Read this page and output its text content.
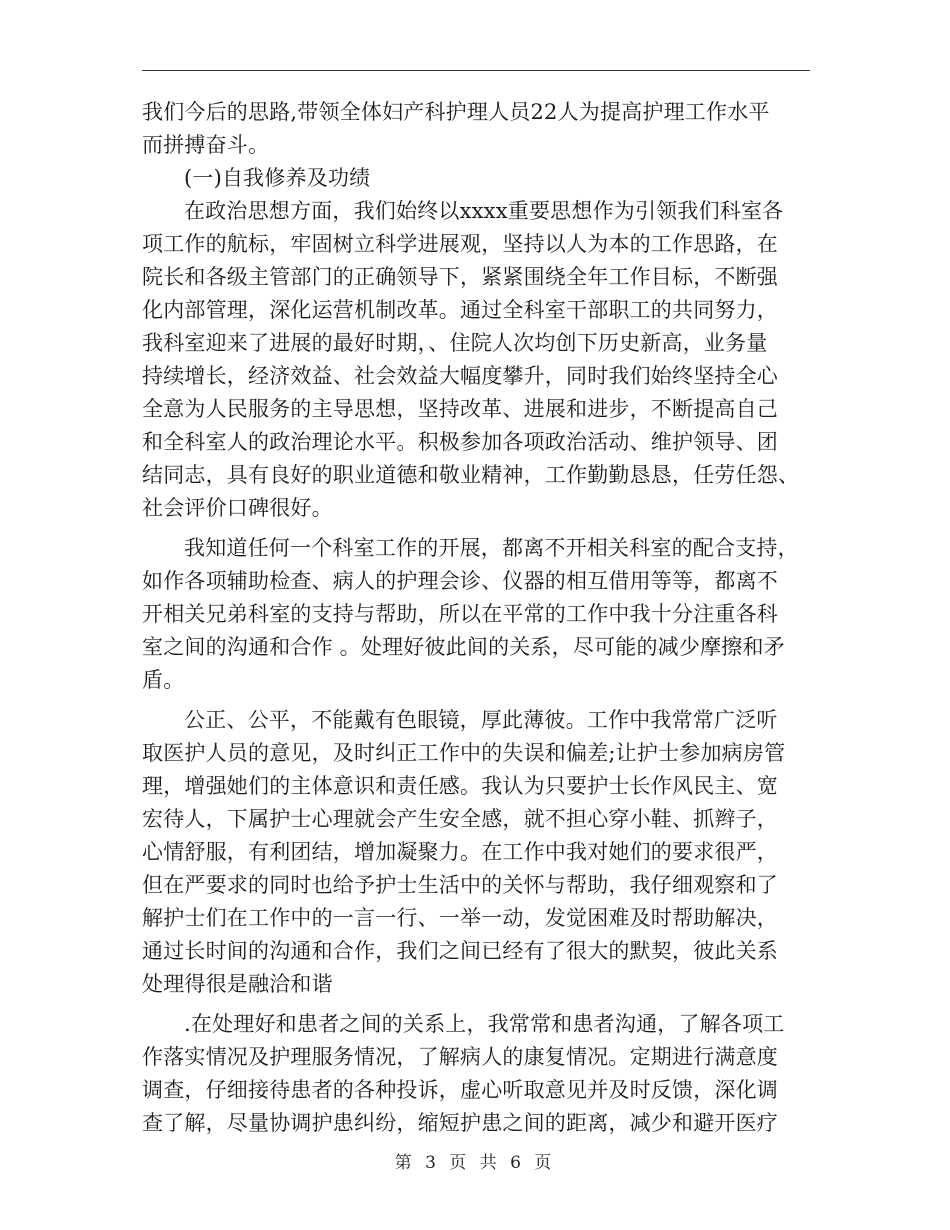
我们今后的思路,带领全体妇产科护理人员22人为提高护理工作水平
而拼搏奋斗。
(一)自我修养及功绩
在政治思想方面，我们始终以xxxx重要思想作为引领我们科室各
项工作的航标，牢固树立科学进展观，坚持以人为本的工作思路，在
院长和各级主管部门的正确领导下，紧紧围绕全年工作目标，不断强
化内部管理，深化运营机制改革。通过全科室干部职工的共同努力，
我科室迎来了进展的最好时期，、住院人次均创下历史新高，业务量
持续增长，经济效益、社会效益大幅度攀升，同时我们始终坚持全心
全意为人民服务的主导思想，坚持改革、进展和进步，不断提高自己
和全科室人的政治理论水平。积极参加各项政治活动、维护领导、团
结同志，具有良好的职业道德和敬业精神，工作勤勤恳恳，任劳任怨、
社会评价口碑很好。
我知道任何一个科室工作的开展，都离不开相关科室的配合支持，
如作各项辅助检查、病人的护理会诊、仪器的相互借用等等，都离不
开相关兄弟科室的支持与帮助，所以在平常的工作中我十分注重各科
室之间的沟通和合作 。处理好彼此间的关系，尽可能的减少摩擦和矛
盾。
公正、公平，不能戴有色眼镜，厚此薄彼。工作中我常常广泛听
取医护人员的意见，及时纠正工作中的失误和偏差;让护士参加病房管
理，增强她们的主体意识和责任感。我认为只要护士长作风民主、宽
宏待人，下属护士心理就会产生安全感，就不担心穿小鞋、抓辫子，
心情舒服，有利团结，增加凝聚力。在工作中我对她们的要求很严，
但在严要求的同时也给予护士生活中的关怀与帮助，我仔细观察和了
解护士们在工作中的一言一行、一举一动，发觉困难及时帮助解决，
通过长时间的沟通和合作，我们之间已经有了很大的默契，彼此关系
处理得很是融洽和谐
.在处理好和患者之间的关系上，我常常和患者沟通，了解各项工
作落实情况及护理服务情况，了解病人的康复情况。定期进行满意度
调查，仔细接待患者的各种投诉，虚心听取意见并及时反馈，深化调
查了解，尽量协调护患纠纷，缩短护患之间的距离，减少和避开医疗
第 3 页 共 6 页
